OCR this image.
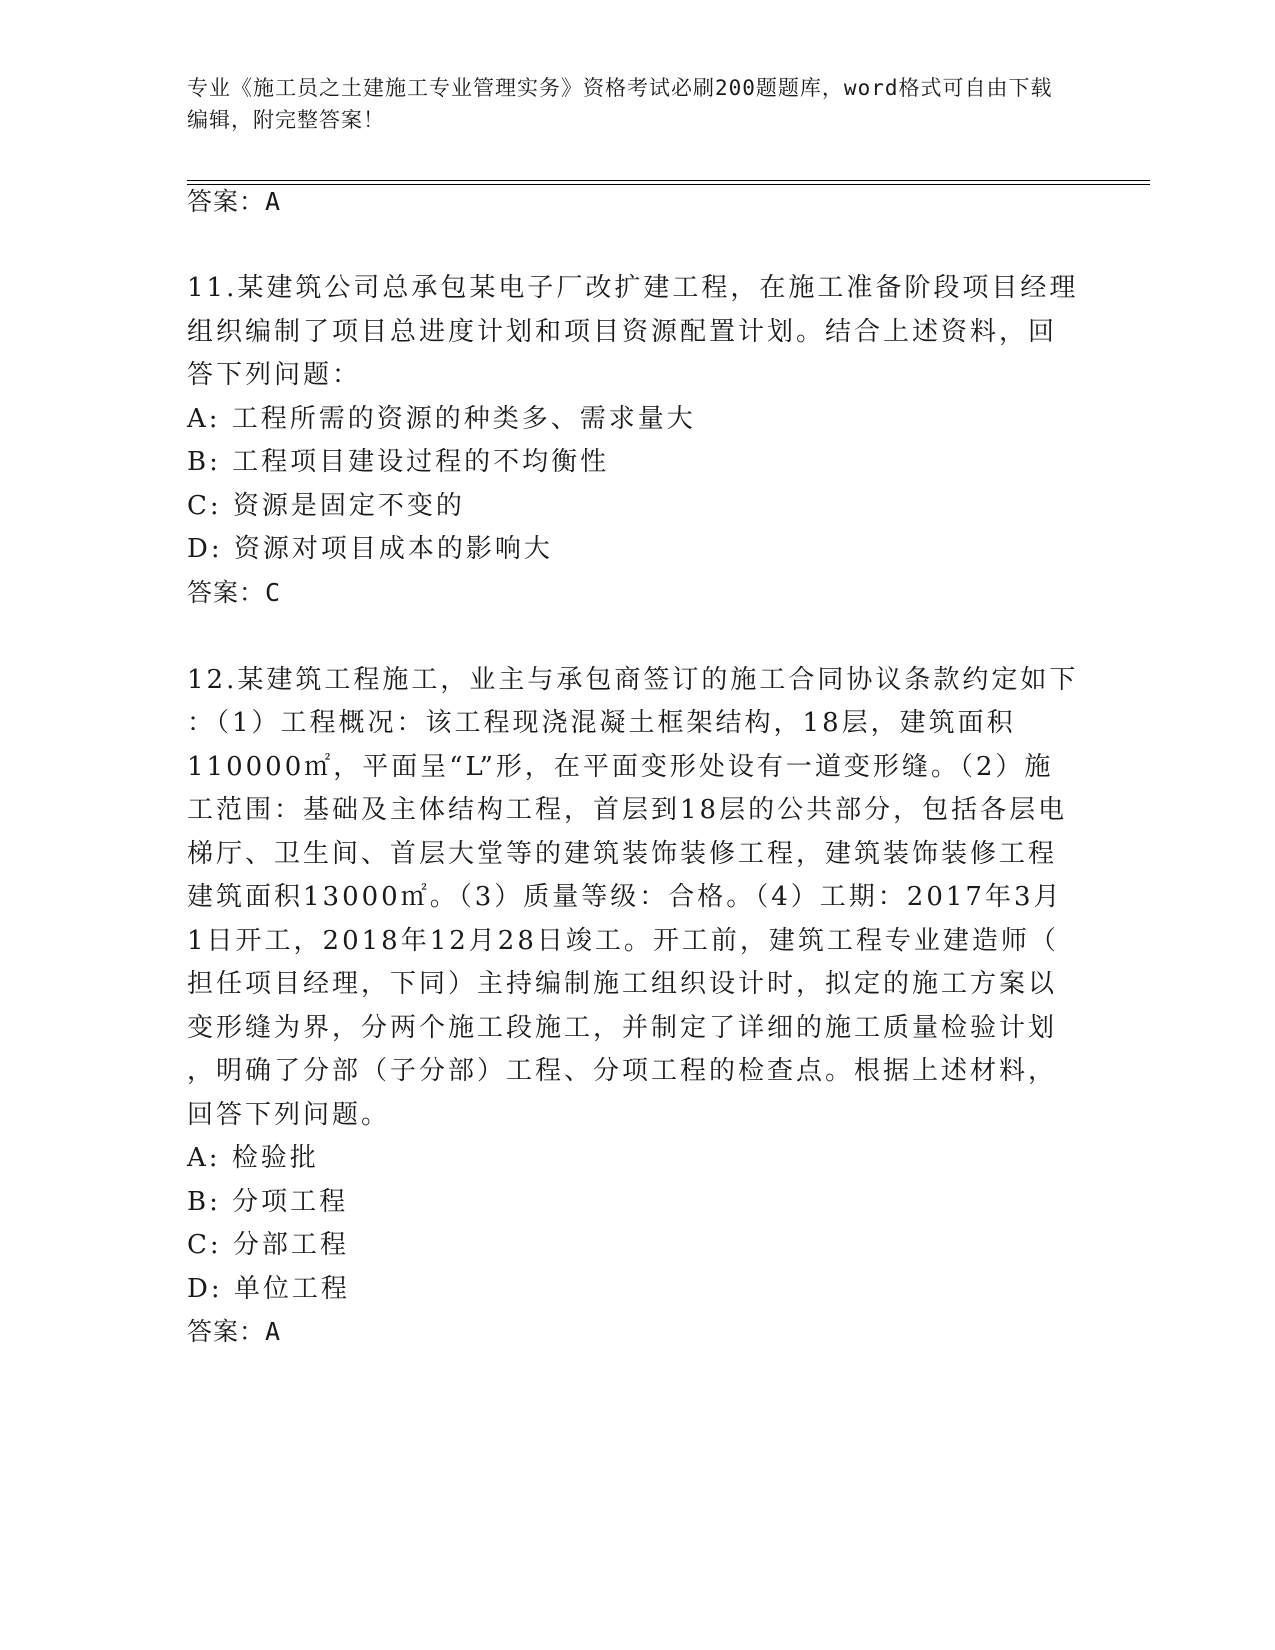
专业《施工员之土建施工专业管理实务》资格考试必刷200题题库，word格式可自由下载编辑，附完整答案！
答案：A
11.某建筑公司总承包某电子厂改扩建工程，在施工准备阶段项目经理
组织编制了项目总进度计划和项目资源配置计划。结合上述资料，回
答下列问题：
A: 工程所需的资源的种类多、需求量大
B: 工程项目建设过程的不均衡性
C: 资源是固定不变的
D: 资源对项目成本的影响大
答案：C
12.某建筑工程施工，业主与承包商签订的施工合同协议条款约定如下
：（1）工程概况：该工程现浇混凝土框架结构，18层，建筑面积
110000㎡，平面呈“L”形，在平面变形处设有一道变形缝。（2）施
工范围：基础及主体结构工程，首层到18层的公共部分，包括各层电
梯厅、卫生间、首层大堂等的建筑装饰装修工程，建筑装饰装修工程
建筑面积13000㎡。（3）质量等级：合格。（4）工期：2017年3月
1日开工，2018年12月28日竣工。开工前，建筑工程专业建造师（
担任项目经理，下同）主持编制施工组织设计时，拟定的施工方案以
变形缝为界，分两个施工段施工，并制定了详细的施工质量检验计划
，明确了分部（子分部）工程、分项工程的检查点。根据上述材料，
回答下列问题。
A: 检验批
B: 分项工程
C: 分部工程
D: 单位工程
答案：A
